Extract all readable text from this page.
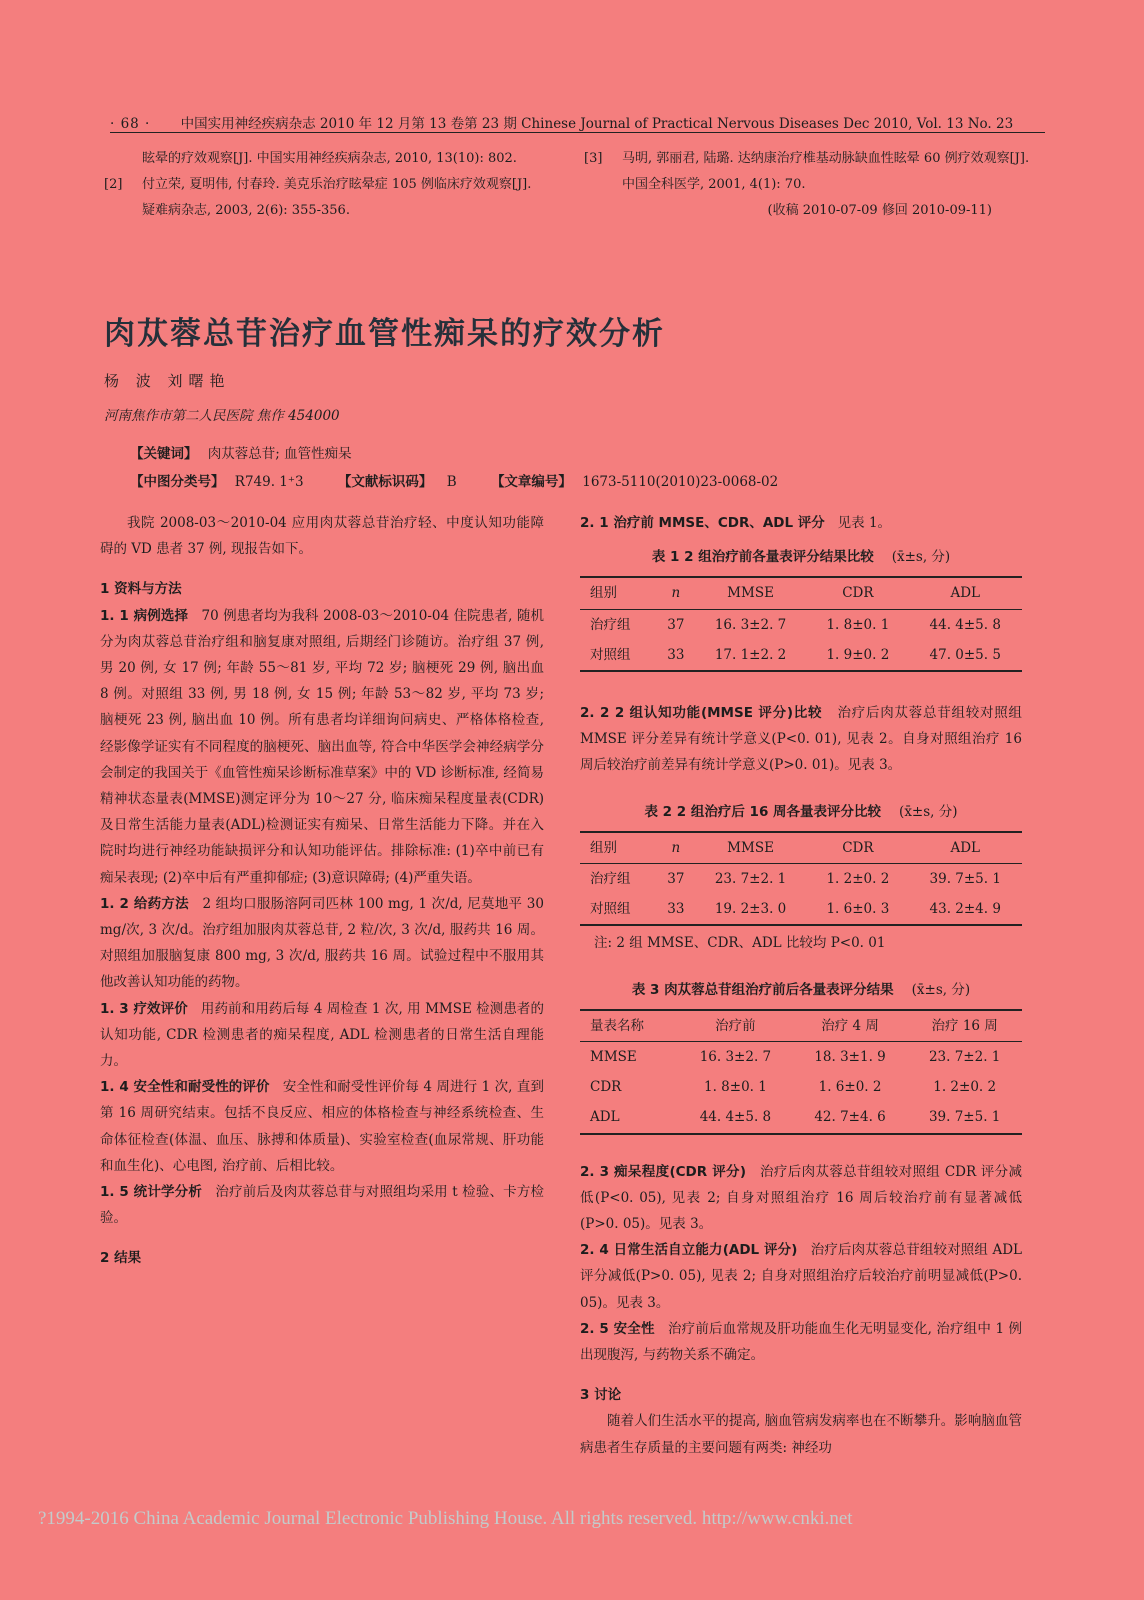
· 68 · 中国实用神经疾病杂志 2010 年 12 月第 13 卷第 23 期 Chinese Journal of Practical Nervous Diseases Dec 2010, Vol. 13 No. 23
眩晕的疗效观察[J]. 中国实用神经疾病杂志, 2010, 13(10): 802.
[2]	付立荣, 夏明伟, 付春玲. 美克乐治疗眩晕症 105 例临床疗效观察[J]. 疑难病杂志, 2003, 2(6): 355-356.
[3]	马明, 郭丽君, 陆璐. 达纳康治疗椎基动脉缺血性眩晕 60 例疗效观察[J]. 中国全科医学, 2001, 4(1): 70.
(收稿 2010-07-09 修回 2010-09-11)
肉苁蓉总苷治疗血管性痴呆的疗效分析
杨 波 刘曙艳
河南焦作市第二人民医院 焦作 454000
【关键词】 肉苁蓉总苷; 血管性痴呆
【中图分类号】 R749. 1⁺3	【文献标识码】 B	【文章编号】 1673-5110(2010)23-0068-02

我院 2008-03～2010-04 应用肉苁蓉总苷治疗轻、中度认知功能障碍的 VD 患者 37 例, 现报告如下。

1 资料与方法

1. 1 病例选择 70 例患者均为我科 2008-03～2010-04 住院患者, 随机分为肉苁蓉总苷治疗组和脑复康对照组, 后期经门诊随访。治疗组 37 例, 男 20 例, 女 17 例; 年龄 55～81 岁, 平均 72 岁; 脑梗死 29 例, 脑出血 8 例。对照组 33 例, 男 18 例, 女 15 例; 年龄 53～82 岁, 平均 73 岁; 脑梗死 23 例, 脑出血 10 例。所有患者均详细询问病史、严格体格检查, 经影像学证实有不同程度的脑梗死、脑出血等, 符合中华医学会神经病学分会制定的我国关于《血管性痴呆诊断标准草案》中的 VD 诊断标准, 经简易精神状态量表(MMSE)测定评分为 10～27 分, 临床痴呆程度量表(CDR)及日常生活能力量表(ADL)检测证实有痴呆、日常生活能力下降。并在入院时均进行神经功能缺损评分和认知功能评估。排除标准: (1)卒中前已有痴呆表现; (2)卒中后有严重抑郁症; (3)意识障碍; (4)严重失语。

1. 2 给药方法 2 组均口服肠溶阿司匹林 100 mg, 1 次/d, 尼莫地平 30 mg/次, 3 次/d。治疗组加服肉苁蓉总苷, 2 粒/次, 3 次/d, 服药共 16 周。对照组加服脑复康 800 mg, 3 次/d, 服药共 16 周。试验过程中不服用其他改善认知功能的药物。

1. 3 疗效评价 用药前和用药后每 4 周检查 1 次, 用 MMSE 检测患者的认知功能, CDR 检测患者的痴呆程度, ADL 检测患者的日常生活自理能力。

1. 4 安全性和耐受性的评价 安全性和耐受性评价每 4 周进行 1 次, 直到第 16 周研究结束。包括不良反应、相应的体格检查与神经系统检查、生命体征检查(体温、血压、脉搏和体质量)、实验室检查(血尿常规、肝功能和血生化)、心电图, 治疗前、后相比较。

1. 5 统计学分析 治疗前后及肉苁蓉总苷与对照组均采用 t 检验、卡方检验。

2 结果

2. 1 治疗前 MMSE、CDR、ADL 评分 见表 1。

表 1 2 组治疗前各量表评分结果比较 (x̄±s, 分)
组别	n	MMSE	CDR	ADL
治疗组	37	16. 3±2. 7	1. 8±0. 1	44. 4±5. 8
对照组	33	17. 1±2. 2	1. 9±0. 2	47. 0±5. 5

2. 2 2 组认知功能(MMSE 评分)比较 治疗后肉苁蓉总苷组较对照组 MMSE 评分差异有统计学意义(P<0. 01), 见表 2。自身对照组治疗 16 周后较治疗前差异有统计学意义(P>0. 01)。见表 3。

表 2 2 组治疗后 16 周各量表评分比较 (x̄±s, 分)
组别	n	MMSE	CDR	ADL
治疗组	37	23. 7±2. 1	1. 2±0. 2	39. 7±5. 1
对照组	33	19. 2±3. 0	1. 6±0. 3	43. 2±4. 9
注: 2 组 MMSE、CDR、ADL 比较均 P<0. 01
表 3 肉苁蓉总苷组治疗前后各量表评分结果 (x̄±s, 分)
量表名称	治疗前	治疗 4 周	治疗 16 周
MMSE	16. 3±2. 7	18. 3±1. 9	23. 7±2. 1
CDR	1. 8±0. 1	1. 6±0. 2	1. 2±0. 2
ADL	44. 4±5. 8	42. 7±4. 6	39. 7±5. 1

2. 3 痴呆程度(CDR 评分) 治疗后肉苁蓉总苷组较对照组 CDR 评分减低(P<0. 05), 见表 2; 自身对照组治疗 16 周后较治疗前有显著减低(P>0. 05)。见表 3。

2. 4 日常生活自立能力(ADL 评分) 治疗后肉苁蓉总苷组较对照组 ADL 评分减低(P>0. 05), 见表 2; 自身对照组治疗后较治疗前明显减低(P>0. 05)。见表 3。

2. 5 安全性 治疗前后血常规及肝功能血生化无明显变化, 治疗组中 1 例出现腹泻, 与药物关系不确定。

3 讨论

随着人们生活水平的提高, 脑血管病发病率也在不断攀升。影响脑血管病患者生存质量的主要问题有两类: 神经功

?1994-2016 China Academic Journal Electronic Publishing House. All rights reserved. http://www.cnki.net
